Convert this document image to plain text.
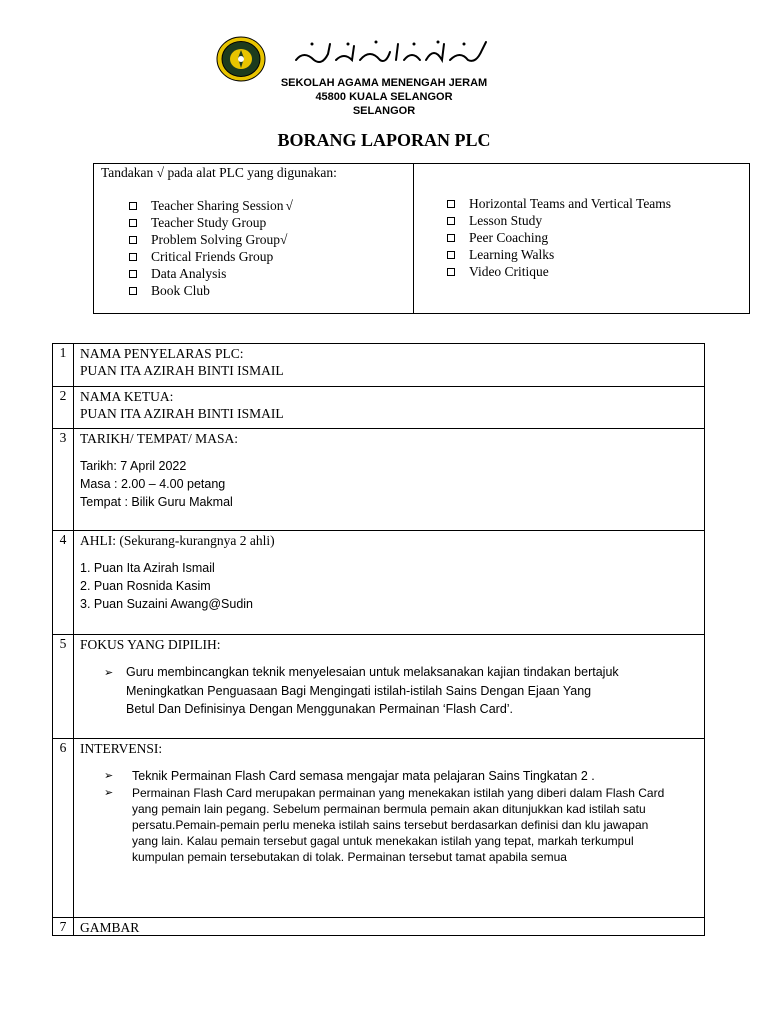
SEKOLAH AGAMA MENENGAH JERAM
45800 KUALA SELANGOR
SELANGOR
BORANG LAPORAN PLC
Tandakan √ pada alat PLC yang digunakan:
Teacher Sharing Session √
Teacher Study Group
Problem Solving Group √
Critical Friends Group
Data Analysis
Book Club
Horizontal Teams and Vertical Teams
Lesson Study
Peer Coaching
Learning Walks
Video Critique
1	NAMA PENYELARAS PLC:
PUAN ITA AZIRAH BINTI ISMAIL
2	NAMA KETUA:
PUAN ITA AZIRAH BINTI ISMAIL
3	TARIKH/ TEMPAT/ MASA:
Tarikh: 7 April 2022
Masa : 2.00 – 4.00 petang
Tempat : Bilik Guru Makmal
4	AHLI: (Sekurang-kurangnya 2 ahli)
1. Puan Ita Azirah Ismail
2. Puan Rosnida Kasim
3. Puan Suzaini Awang@Sudin
5	FOKUS YANG DIPILIH:
➢ Guru membincangkan teknik menyelesaian untuk melaksanakan kajian tindakan bertajuk
Meningkatkan Penguasaan Bagi Mengingati istilah-istilah Sains Dengan Ejaan Yang
Betul Dan Definisinya Dengan Menggunakan Permainan ‘Flash Card’.
6	INTERVENSI:
➢	Teknik Permainan Flash Card semasa mengajar mata pelajaran Sains Tingkatan 2 .
➢	Permainan Flash Card merupakan permainan yang menekakan istilah yang diberi dalam Flash Card yang pemain lain pegang. Sebelum permainan bermula pemain akan ditunjukkan kad istilah satu persatu.Pemain-pemain perlu meneka istilah sains tersebut berdasarkan definisi dan klu jawapan yang lain. Kalau pemain tersebut gagal untuk menekakan istilah yang tepat, markah terkumpul kumpulan pemain tersebutakan di tolak. Permainan tersebut tamat apabila semua
7	GAMBAR
